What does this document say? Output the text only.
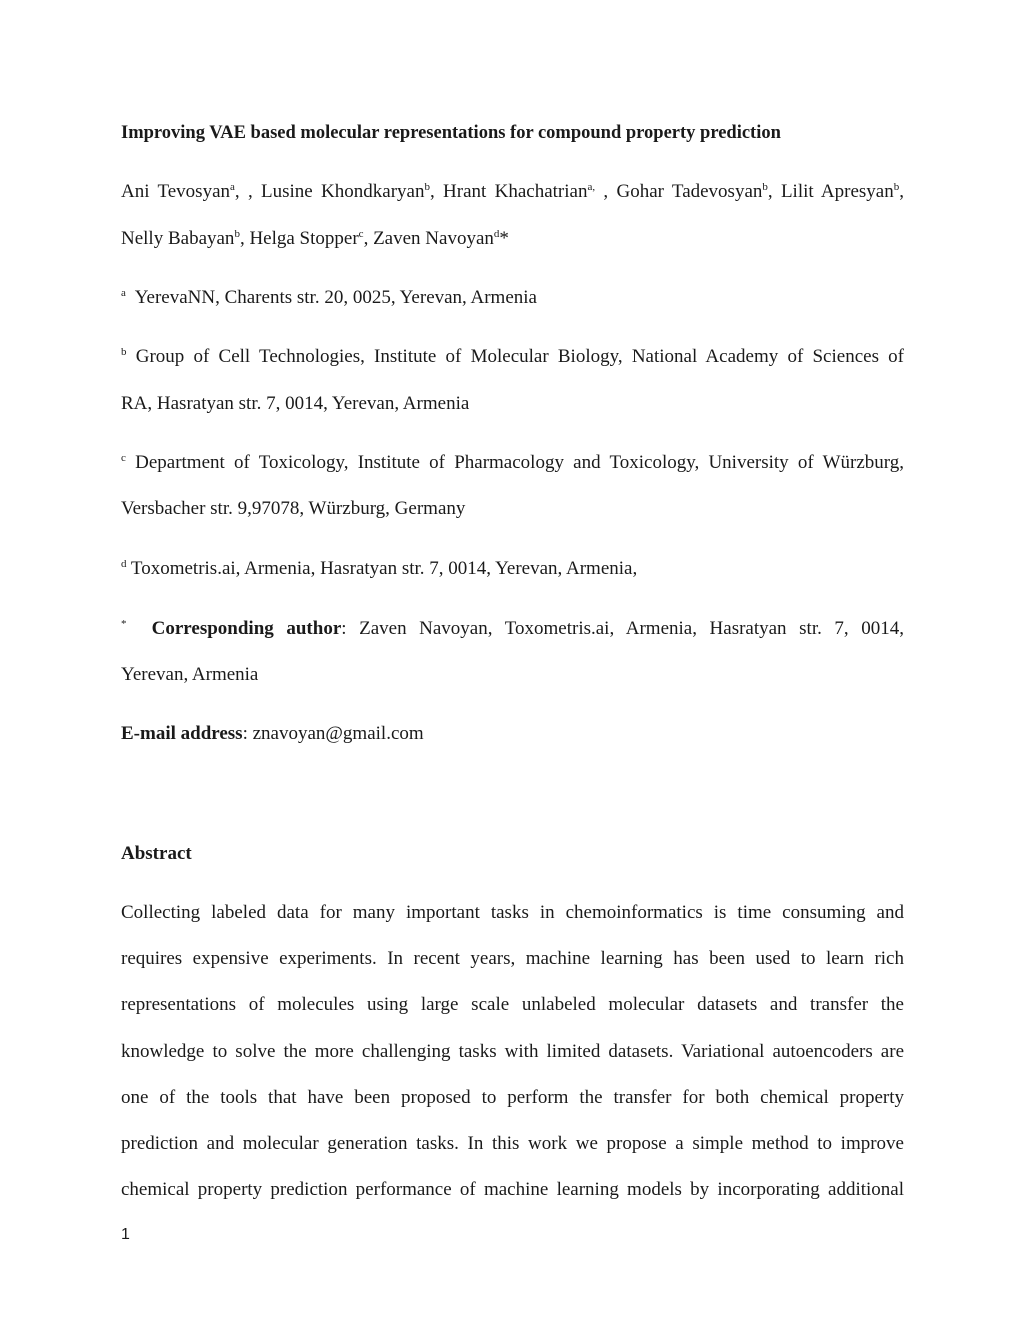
Improving VAE based molecular representations for compound property prediction
Ani Tevosyan$^a$, , Lusine Khondkaryan$^b$, Hrant Khachatrian$^{a,}$ , Gohar Tadevosyan$^b$, Lilit Apresyan$^b$,
Nelly Babayan$^b$, Helga Stopper$^c$, Zaven Navoyan$^d$*
$^a$ YerevaNN, Charents str. 20, 0025, Yerevan, Armenia
$^b$ Group of Cell Technologies, Institute of Molecular Biology, National Academy of Sciences of
RA, Hasratyan str. 7, 0014, Yerevan, Armenia
$^c$ Department of Toxicology, Institute of Pharmacology and Toxicology, University of Würzburg,
Versbacher str. 9,97078, Würzburg, Germany
$^d$ Toxometris.ai, Armenia, Hasratyan str. 7, 0014, Yerevan, Armenia,
* Corresponding author: Zaven Navoyan, Toxometris.ai, Armenia, Hasratyan str. 7, 0014,
Yerevan, Armenia
E-mail address: znavoyan@gmail.com
Abstract
Collecting labeled data for many important tasks in chemoinformatics is time consuming and
requires expensive experiments. In recent years, machine learning has been used to learn rich
representations of molecules using large scale unlabeled molecular datasets and transfer the
knowledge to solve the more challenging tasks with limited datasets. Variational autoencoders are
one of the tools that have been proposed to perform the transfer for both chemical property
prediction and molecular generation tasks. In this work we propose a simple method to improve
chemical property prediction performance of machine learning models by incorporating additional
1
